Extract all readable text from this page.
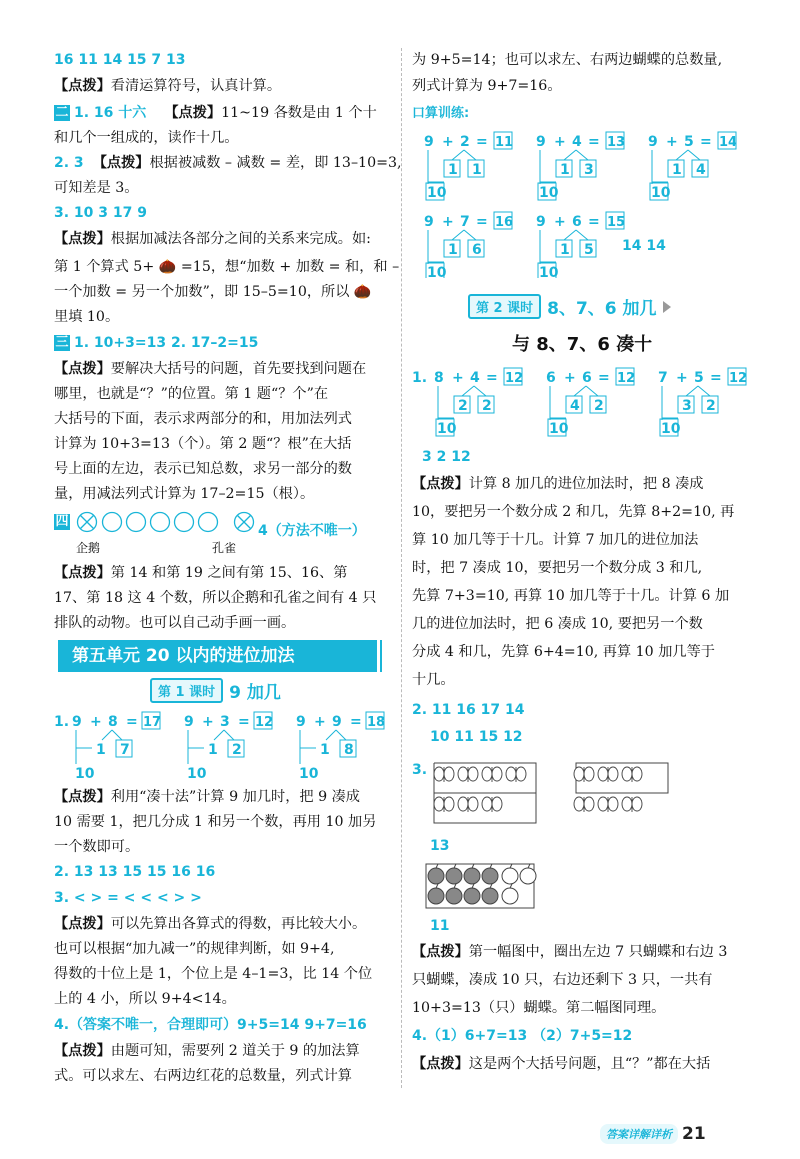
16 11 14 15 7 13
【点拨】看清运算符号，认真计算。
二 1. 16 十六 【点拨】11~19 各数是由 1 个十
和几个一组成的，读作十几。
2. 3 【点拨】根据被减数 – 减数 = 差，即 13–10=3,
可知差是 3。
3. 10 3 17 9
【点拨】根据加减法各部分之间的关系来完成。如:
第 1 个算式 5+ 🌰 =15，想“加数 + 加数 = 和，和 –
一个加数 = 另一个加数”，即 15–5=10，所以 🌰
里填 10。
三 1. 10+3=13 2. 17–2=15
【点拨】要解决大括号的问题，首先要找到问题在
哪里，也就是“？”的位置。第 1 题“？个”在
大括号的下面，表示求两部分的和，用加法列式
计算为 10+3=13（个）。第 2 题“？根”在大括
号上面的左边，表示已知总数，求另一部分的数
量，用减法列式计算为 17–2=15（根）。
四
4（方法不唯一）
企鹅	孔雀
【点拨】第 14 和第 19 之间有第 15、16、第
17、第 18 这 4 个数，所以企鹅和孔雀之间有 4 只
排队的动物。也可以自己动手画一画。
第五单元 20 以内的进位加法
第 1 课时 9 加几
1. 9 + 8 = 17
1 7
10
9 + 3 = 12
1 2
10
9 + 9 = 18
1 8
10
【点拨】利用“凑十法”计算 9 加几时，把 9 凑成
10 需要 1，把几分成 1 和另一个数，再用 10 加另
一个数即可。
2. 13 13 15 15 16 16
3. < > = < < < > >
【点拨】可以先算出各算式的得数，再比较大小。
也可以根据“加九减一”的规律判断，如 9+4,
得数的十位上是 1，个位上是 4–1=3，比 14 个位
上的 4 小，所以 9+4<14。
4.（答案不唯一，合理即可）9+5=14 9+7=16
【点拨】由题可知，需要列 2 道关于 9 的加法算
式。可以求左、右两边红花的总数量，列式计算
为 9+5=14；也可以求左、右两边蝴蝶的总数量,
列式计算为 9+7=16。
口算训练:
9 + 2 = 11
1 1
10
9 + 4 = 13
1 3
10
9 + 5 = 14
1 4
10
9 + 7 = 16
1 6
10
9 + 6 = 15
1 5
10
14 14
第 2 课时 8、7、6 加几
与 8、7、6 凑十
1. 8 + 4 = 12
2 2
10
6 + 6 = 12
4 2
10
7 + 5 = 12
3 2
10
3 2 12
【点拨】计算 8 加几的进位加法时，把 8 凑成
10，要把另一个数分成 2 和几，先算 8+2=10, 再
算 10 加几等于十几。计算 7 加几的进位加法
时，把 7 凑成 10，要把另一个数分成 3 和几,
先算 7+3=10, 再算 10 加几等于十几。计算 6 加
几的进位加法时，把 6 凑成 10, 要把另一个数
分成 4 和几，先算 6+4=10, 再算 10 加几等于
十几。
2. 11 16 17 14
10 11 15 12
3.
13
11
【点拨】第一幅图中，圈出左边 7 只蝴蝶和右边 3
只蝴蝶，凑成 10 只，右边还剩下 3 只，一共有
10+3=13（只）蝴蝶。第二幅图同理。
4.（1）6+7=13 （2）7+5=12
【点拨】这是两个大括号问题，且“？”都在大括
答案详解详析 21
